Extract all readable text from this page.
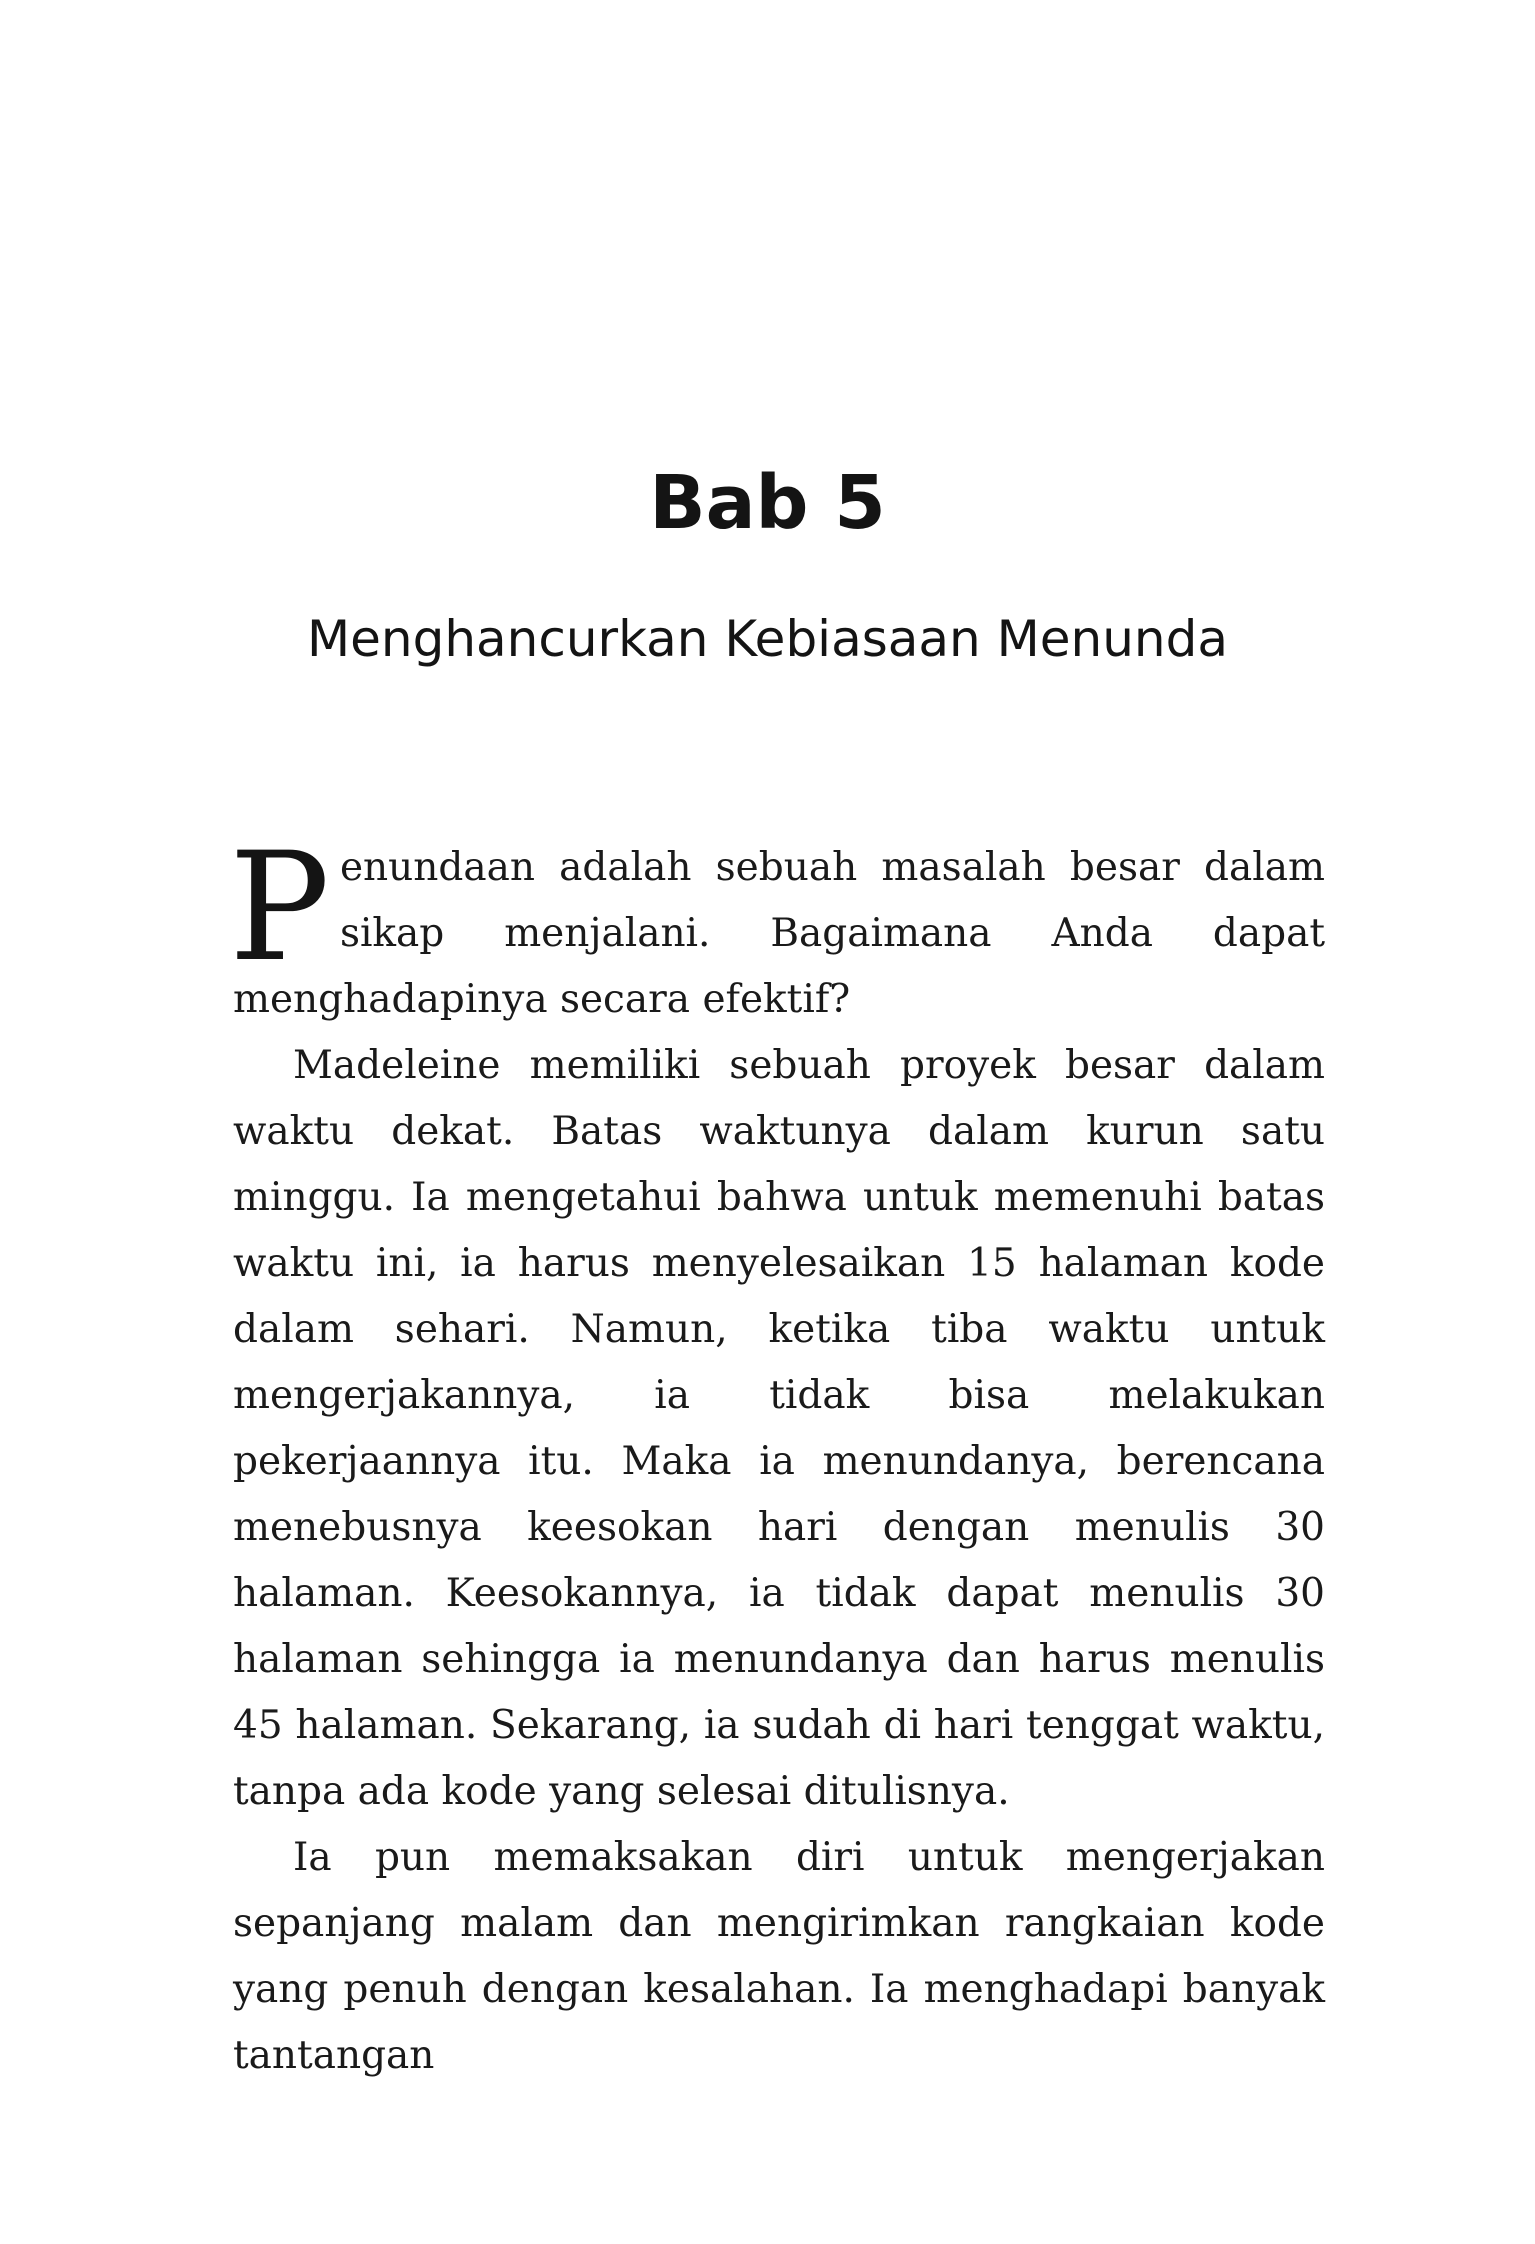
Bab 5
Menghancurkan Kebiasaan Menunda

Penundaan adalah sebuah masalah besar dalam sikap menjalani. Bagaimana Anda dapat menghadapinya secara efektif?

Madeleine memiliki sebuah proyek besar dalam waktu dekat. Batas waktunya dalam kurun satu minggu. Ia mengetahui bahwa untuk memenuhi batas waktu ini, ia harus menyelesaikan 15 halaman kode dalam sehari. Namun, ketika tiba waktu untuk mengerjakannya, ia tidak bisa melakukan pekerjaannya itu. Maka ia menundanya, berencana menebusnya keesokan hari dengan menulis 30 halaman. Keesokannya, ia tidak dapat menulis 30 halaman sehingga ia menundanya dan harus menulis 45 halaman. Sekarang, ia sudah di hari tenggat waktu, tanpa ada kode yang selesai ditulisnya.

Ia pun memaksakan diri untuk mengerjakan sepanjang malam dan mengirimkan rangkaian kode yang penuh dengan kesalahan. Ia menghadapi banyak tantangan
